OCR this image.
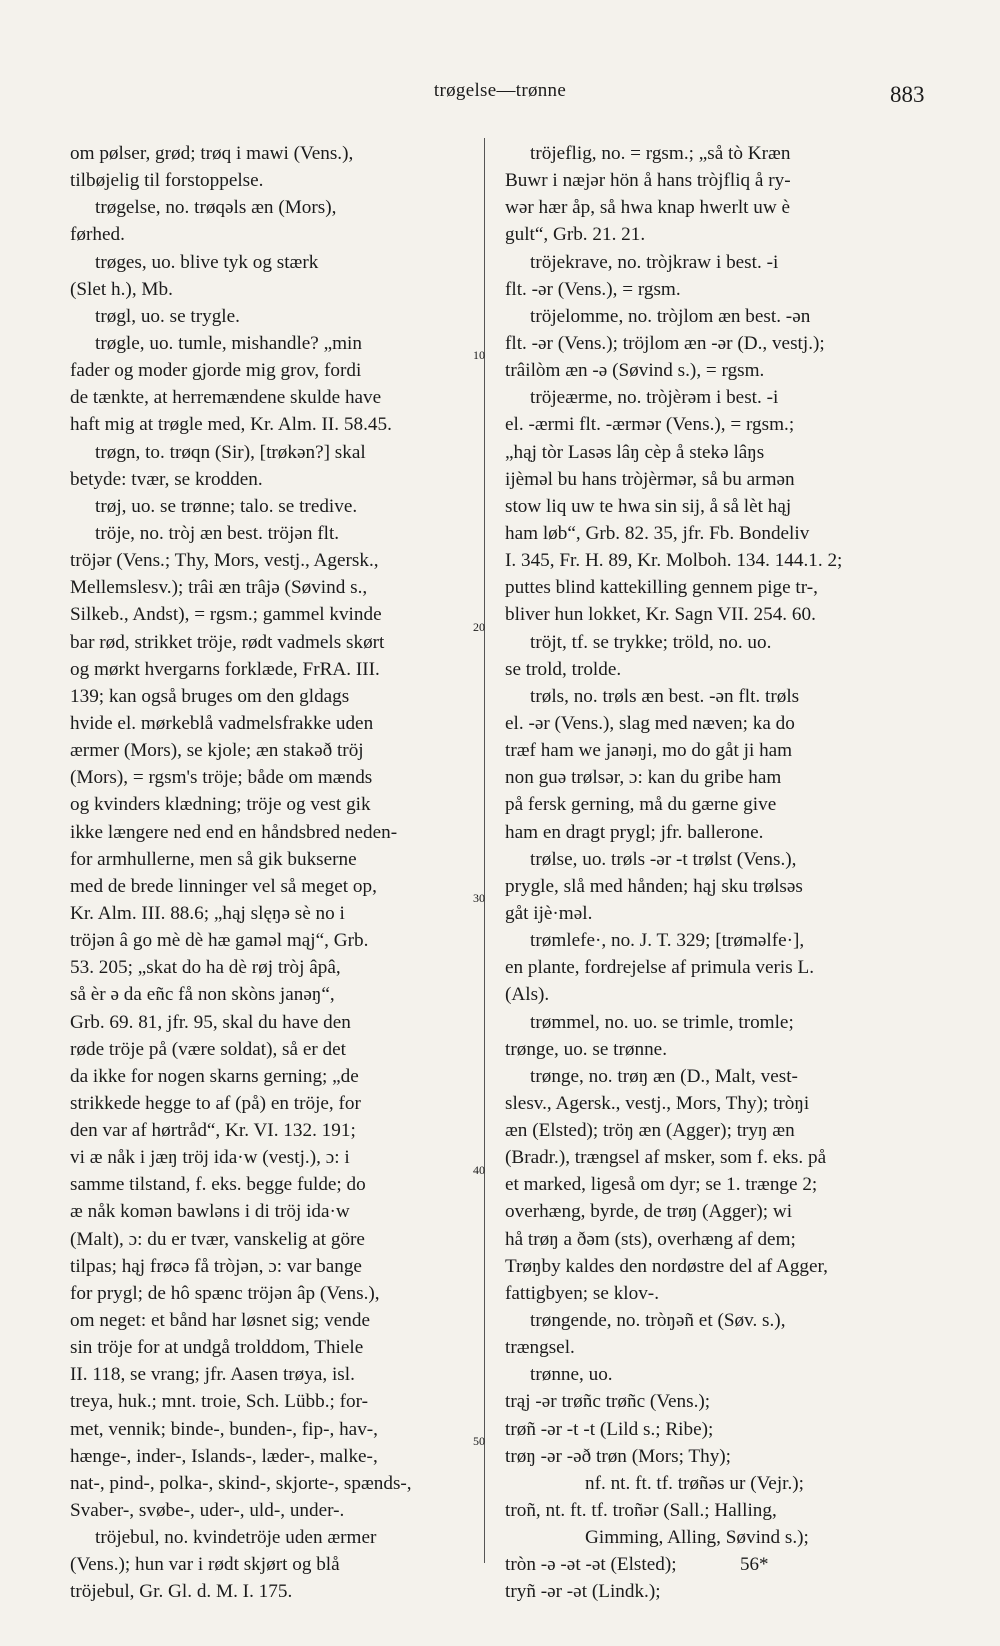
trøgelse—trønne	883
om pølser, grød; trøq i mawi (Vens.),
tilbøjelig til forstoppelse.
trøgelse, no. trøqəls æn (Mors),
førhed.
trøges, uo. blive tyk og stærk
(Slet h.), Mb.
trøgl, uo. se trygle.
trøgle, uo. tumle, mishandle? „min
fader og moder gjorde mig grov, fordi
de tænkte, at herremændene skulde have
haft mig at trøgle med, Kr. Alm. II. 58.45.
trøgn, to. trøqn (Sir), [trøkən?] skal
betyde: tvær, se krodden.
trøj, uo. se trønne; talo. se tredive.
tröje, no. tròj æn best. tröjən flt.
tröjər (Vens.; Thy, Mors, vestj., Agersk.,
Mellemslesv.); trâi æn trâjə (Søvind s.,
Silkeb., Andst), = rgsm.; gammel kvinde
bar rød, strikket tröje, rødt vadmels skørt
og mørkt hvergarns forklæde, FrRA. III.
139; kan også bruges om den gldags
hvide el. mørkeblå vadmelsfrakke uden
ærmer (Mors), se kjole; æn stakəð tröj
(Mors), = rgsm's tröje; både om mænds
og kvinders klædning; tröje og vest gik
ikke længere ned end en håndsbred neden-
for armhullerne, men så gik bukserne
med de brede linninger vel så meget op,
Kr. Alm. III. 88.6; „hąj slęŋə sè no i
tröjən â go mè dè hæ gaməl mąj“, Grb.
53. 205; „skat do ha dè røj tròj âpâ,
så èr ə da eñc få non skòns janəŋ“,
Grb. 69. 81, jfr. 95, skal du have den
røde tröje på (være soldat), så er det
da ikke for nogen skarns gerning; „de
strikkede hegge to af (på) en tröje, for
den var af hørtråd“, Kr. VI. 132. 191;
vi æ nåk i jæŋ tröj ida·w (vestj.), ɔ: i
samme tilstand, f. eks. begge fulde; do
æ nåk komən bawləns i di tröj ida·w
(Malt), ɔ: du er tvær, vanskelig at göre
tilpas; hąj frøcə få tròjən, ɔ: var bange
for prygl; de hô spænc tröjən âp (Vens.),
om neget: et bånd har løsnet sig; vende
sin tröje for at undgå trolddom, Thiele
II. 118, se vrang; jfr. Aasen trøya, isl.
treya, huk.; mnt. troie, Sch. Lübb.; for-
met, vennik; binde-, bunden-, fip-, hav-,
hænge-, inder-, Islands-, læder-, malke-,
nat-, pind-, polka-, skind-, skjorte-, spænds-,
Svaber-, svøbe-, uder-, uld-, under-.
tröjebul, no. kvindetröje uden ærmer
(Vens.); hun var i rødt skjørt og blå
tröjebul, Gr. Gl. d. M. I. 175.
tröjeflig, no. = rgsm.; „så tò Kræn
Buwr i næjər hön å hans tròjfliq å ry-
wər hær åp, så hwa knap hwerlt uw è
gult“, Grb. 21. 21.
tröjekrave, no. tròjkraw i best. -i
flt. -ər (Vens.), = rgsm.
tröjelomme, no. tròjlom æn best. -ən
flt. -ər (Vens.); tröjlom æn -ər (D., vestj.);
trâilòm æn -ə (Søvind s.), = rgsm.
tröjeærme, no. tròjèrəm i best. -i
el. -ærmi flt. -ærmər (Vens.), = rgsm.;
„hąj tòr Lasəs lâŋ cèp å stekə lâŋs
ijèməl bu hans tròjèrmər, så bu armən
stow liq uw te hwa sin sij, å så lèt hąj
ham løb“, Grb. 82. 35, jfr. Fb. Bondeliv
I. 345, Fr. H. 89, Kr. Molboh. 134. 144.1. 2;
puttes blind kattekilling gennem pige tr-,
bliver hun lokket, Kr. Sagn VII. 254. 60.
tröjt, tf. se trykke; tröld, no. uo.
se trold, trolde.
trøls, no. trøls æn best. -ən flt. trøls
el. -ər (Vens.), slag med næven; ka do
træf ham we janəŋi, mo do gåt ji ham
non guə trølsər, ɔ: kan du gribe ham
på fersk gerning, må du gærne give
ham en dragt prygl; jfr. ballerone.
trølse, uo. trøls -ər -t trølst (Vens.),
prygle, slå med hånden; hąj sku trølsəs
gåt ijè·məl.
trømlefe·, no. J. T. 329; [trøməlfe·],
en plante, fordrejelse af primula veris L.
(Als).
trømmel, no. uo. se trimle, tromle;
trønge, uo. se trønne.
trønge, no. trøŋ æn (D., Malt, vest-
slesv., Agersk., vestj., Mors, Thy); tròŋi
æn (Elsted); tröŋ æn (Agger); tryŋ æn
(Bradr.), trængsel af msker, som f. eks. på
et marked, ligeså om dyr; se 1. trænge 2;
overhæng, byrde, de trøŋ (Agger); wi
hå trøŋ a ðəm (sts), overhæng af dem;
Trøŋby kaldes den nordøstre del af Agger,
fattigbyen; se klov-.
trøngende, no. tròŋəñ et (Søv. s.),
trængsel.
trønne, uo.
trąj -ər trøñc trøñc (Vens.);
trøñ -ər -t -t (Lild s.; Ribe);
trøŋ -ər -əð trøn (Mors; Thy);
nf. nt. ft. tf. trøñəs ur (Vejr.);
troñ, nt. ft. tf. troñər (Sall.; Halling,
Gimming, Alling, Søvind s.);
tròn -ə -ət -ət (Elsted);
tryñ -ər -ət (Lindk.);
10
20
30
40
50
56*
